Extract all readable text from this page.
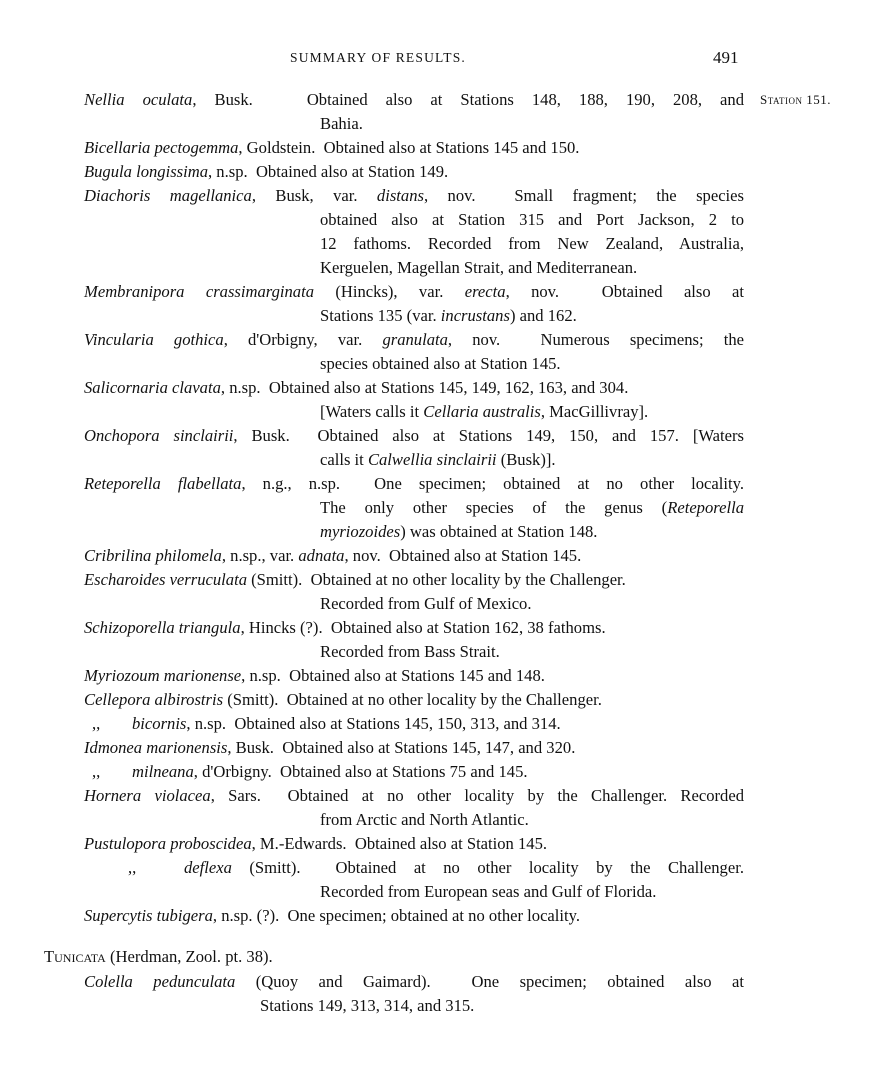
SUMMARY OF RESULTS.	491
Station 151.
Nellia oculata, Busk.	Obtained also at Stations 148, 188, 190, 208, and
Bahia.
Bicellaria pectogemma, Goldstein. Obtained also at Stations 145 and 150.
Bugula longissima, n.sp. Obtained also at Station 149.
Diachoris magellanica, Busk, var. distans, nov. Small fragment; the species
obtained also at Station 315 and Port Jackson, 2 to
12 fathoms. Recorded from New Zealand, Australia,
Kerguelen, Magellan Strait, and Mediterranean.
Membranipora crassimarginata (Hincks), var. erecta, nov.	Obtained also at
Stations 135 (var. incrustans) and 162.
Vincularia gothica, d'Orbigny, var. granulata, nov. Numerous specimens; the
species obtained also at Station 145.
Salicornaria clavata, n.sp. Obtained also at Stations 145, 149, 162, 163, and 304.
[Waters calls it Cellaria australis, MacGillivray].
Onchopora sinclairii, Busk. Obtained also at Stations 149, 150, and 157. [Waters
calls it Calwellia sinclairii (Busk)].
Reteporella flabellata, n.g., n.sp. One specimen; obtained at no other locality.
The only other species of the genus (Reteporella
myriozoides) was obtained at Station 148.
Cribrilina philomela, n.sp., var. adnata, nov. Obtained also at Station 145.
Escharoides verruculata (Smitt). Obtained at no other locality by the Challenger.
Recorded from Gulf of Mexico.
Schizoporella triangula, Hincks (?). Obtained also at Station 162, 38 fathoms.
Recorded from Bass Strait.
Myriozoum marionense, n.sp. Obtained also at Stations 145 and 148.
Cellepora albirostris (Smitt). Obtained at no other locality by the Challenger.
,, bicornis, n.sp. Obtained also at Stations 145, 150, 313, and 314.
Idmonea marionensis, Busk. Obtained also at Stations 145, 147, and 320.
,, milneana, d'Orbigny. Obtained also at Stations 75 and 145.
Hornera violacea, Sars. Obtained at no other locality by the Challenger. Recorded
from Arctic and North Atlantic.
Pustulopora proboscidea, M.-Edwards. Obtained also at Station 145.
,,	deflexa (Smitt). Obtained at no other locality by the Challenger.
Recorded from European seas and Gulf of Florida.
Supercytis tubigera, n.sp. (?). One specimen; obtained at no other locality.
Tunicata (Herdman, Zool. pt. 38).
Colella pedunculata (Quoy and Gaimard). One specimen; obtained also at
Stations 149, 313, 314, and 315.
